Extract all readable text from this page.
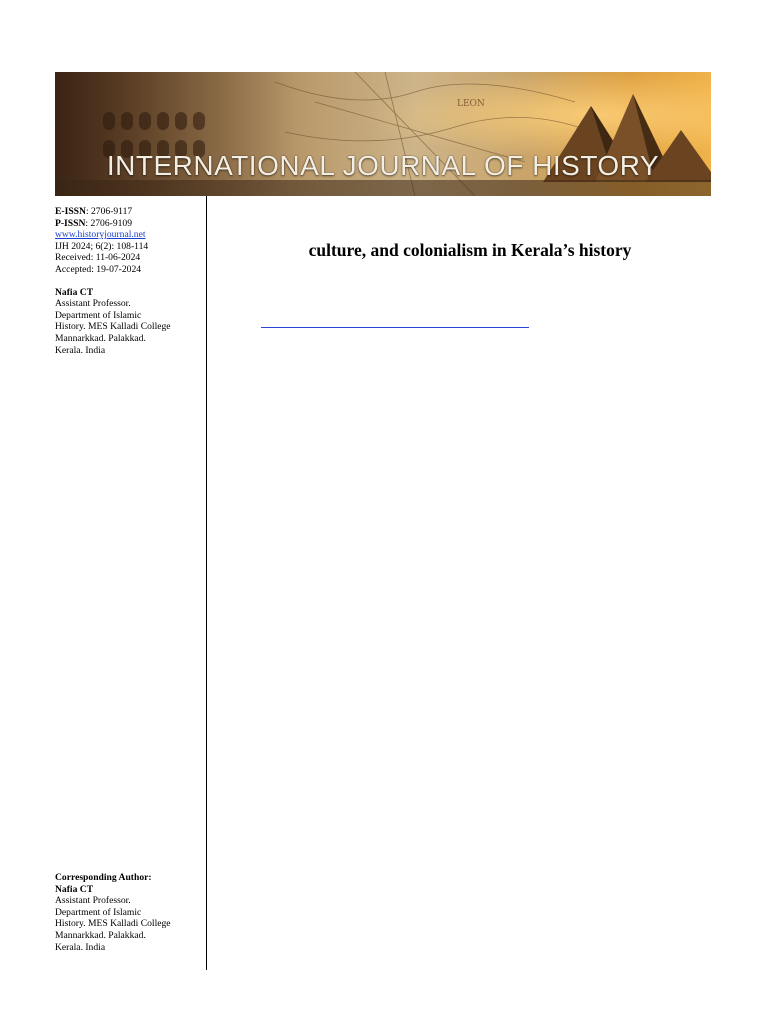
LEON
INTERNATIONAL JOURNAL OF HISTORY
E-ISSN: 2706-9117
P-ISSN: 2706-9109
www.historyjournal.net
IJH 2024; 6(2): 108-114
Received: 11-06-2024
Accepted: 19-07-2024
Nafia CT
Assistant Professor.
Department of Islamic
History. MES Kalladi College
Mannarkkad. Palakkad.
Kerala. India
Corresponding Author:
Nafia CT
Assistant Professor.
Department of Islamic
History. MES Kalladi College
Mannarkkad. Palakkad.
Kerala. India
culture, and colonialism in Kerala’s history
